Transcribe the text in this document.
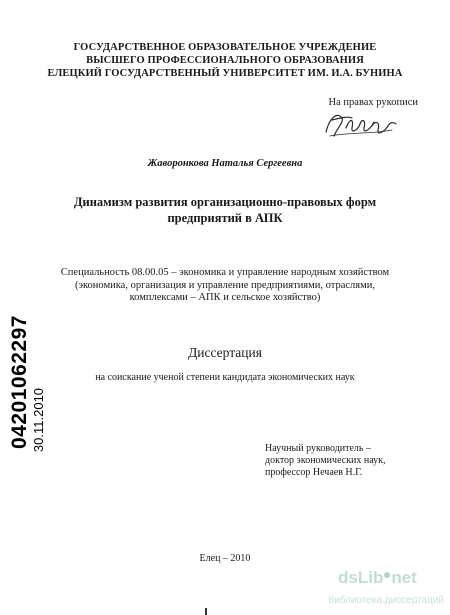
ГОСУДАРСТВЕННОЕ ОБРАЗОВАТЕЛЬНОЕ УЧРЕЖДЕНИЕ
ВЫСШЕГО ПРОФЕССИОНАЛЬНОГО ОБРАЗОВАНИЯ
ЕЛЕЦКИЙ ГОСУДАРСТВЕННЫЙ УНИВЕРСИТЕТ ИМ. И.А. БУНИНА
На правах рукописи
Жаворонкова Наталья Сергеевна
Динамизм развития организационно-правовых форм
предприятий в АПК
Специальность 08.00.05 – экономика и управление народным хозяйством
(экономика, организация и управление предприятиями, отраслями,
комплексами – АПК и сельское хозяйство)
Диссертация
на соискание ученой степени кандидата экономических наук
Научный руководитель –
доктор экономических наук,
профессор Нечаев Н.Г.
Елец – 2010
04201062297 30.11.2010
dsLib net
библиотека диссертаций
